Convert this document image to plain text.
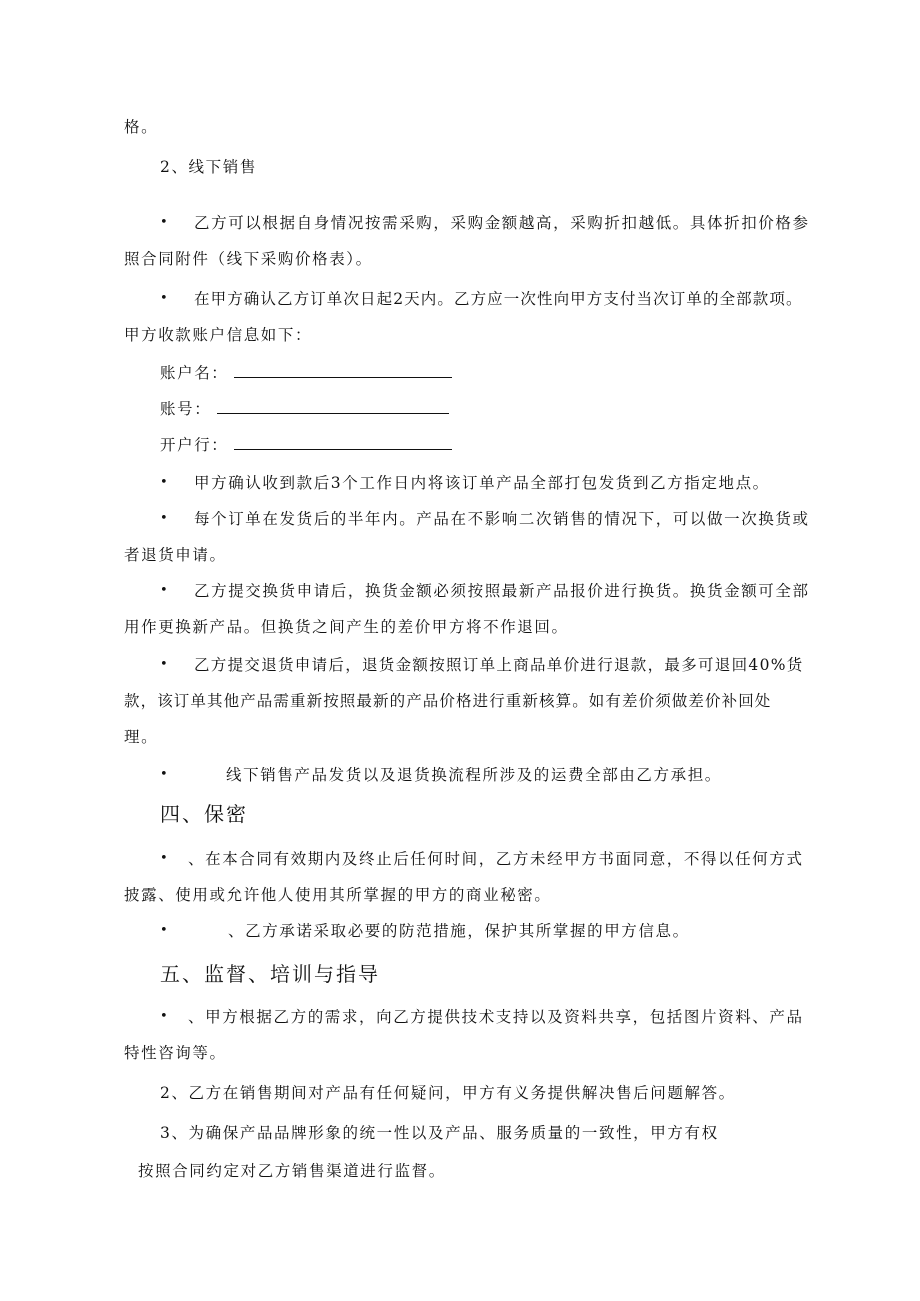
格。
2、线下销售
• 乙方可以根据自身情况按需采购，采购金额越高，采购折扣越低。具体折扣价格参
照合同附件（线下采购价格表）。
• 在甲方确认乙方订单次日起2天内。乙方应一次性向甲方支付当次订单的全部款项。
甲方收款账户信息如下：
账户名：
账号：
开户行：
• 甲方确认收到款后3个工作日内将该订单产品全部打包发货到乙方指定地点。
• 每个订单在发货后的半年内。产品在不影响二次销售的情况下，可以做一次换货或
者退货申请。
• 乙方提交换货申请后，换货金额必须按照最新产品报价进行换货。换货金额可全部
用作更换新产品。但换货之间产生的差价甲方将不作退回。
• 乙方提交退货申请后，退货金额按照订单上商品单价进行退款，最多可退回40%货
款，该订单其他产品需重新按照最新的产品价格进行重新核算。如有差价须做差价补回处
理。
•	线下销售产品发货以及退货换流程所涉及的运费全部由乙方承担。
四、保密
• 、在本合同有效期内及终止后任何时间，乙方未经甲方书面同意，不得以任何方式
披露、使用或允许他人使用其所掌握的甲方的商业秘密。
•	、乙方承诺采取必要的防范措施，保护其所掌握的甲方信息。
五、监督、培训与指导
• 、甲方根据乙方的需求，向乙方提供技术支持以及资料共享，包括图片资料、产品
特性咨询等。
2、乙方在销售期间对产品有任何疑问，甲方有义务提供解决售后问题解答。
3、为确保产品品牌形象的统一性以及产品、服务质量的一致性，甲方有权
按照合同约定对乙方销售渠道进行监督。
